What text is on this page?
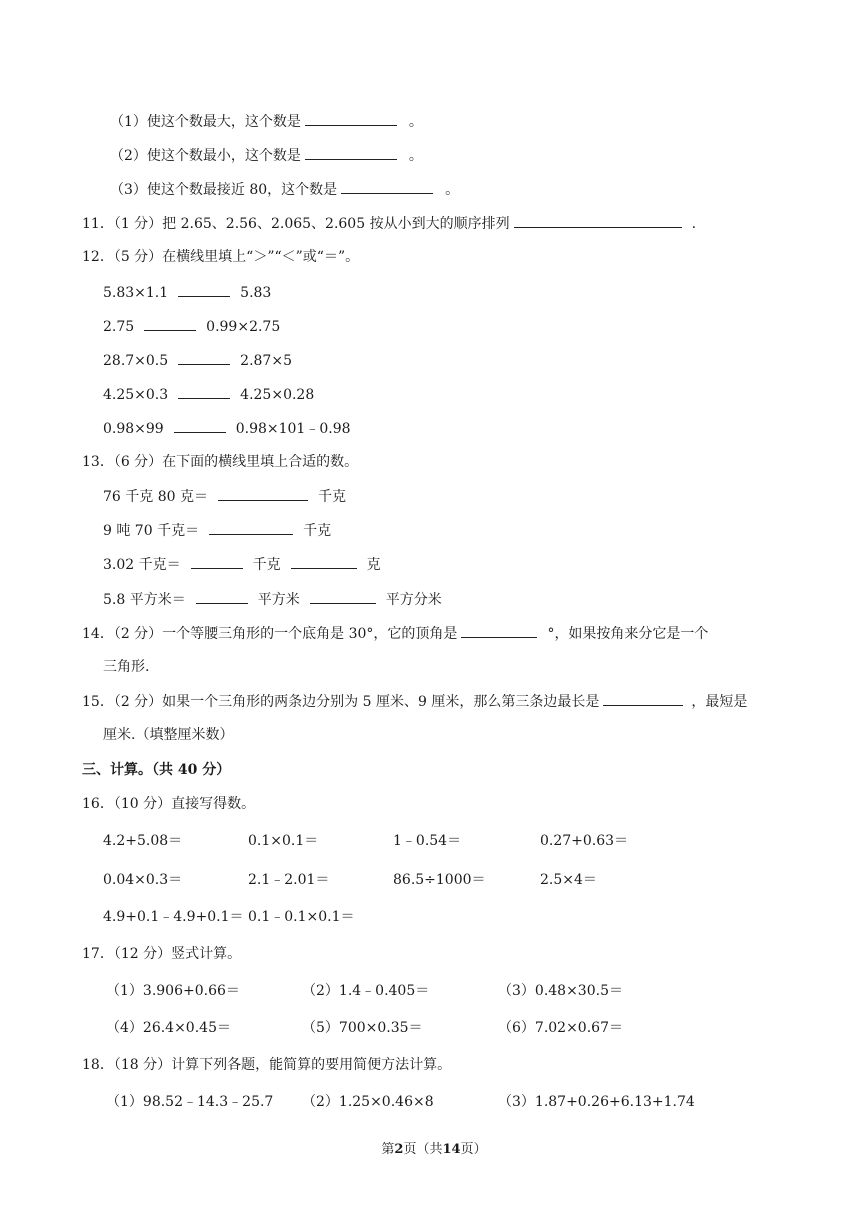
（1）使这个数最大，这个数是	。
（2）使这个数最小，这个数是	。
（3）使这个数最接近 80，这个数是	。
11．（1 分）把 2.65、2.56、2.065、2.605 按从小到大的顺序排列	.
12．（5 分）在横线里填上“＞”“＜”或“＝”。
5.83×1.1	5.83
2.75	0.99×2.75
28.7×0.5	2.87×5
4.25×0.3	4.25×0.28
0.98×99	0.98×101﹣0.98
13．（6 分）在下面的横线里填上合适的数。
76 千克 80 克＝	千克
9 吨 70 千克＝	千克
3.02 千克＝	千克	克
5.8 平方米＝	平方米	平方分米
14．（2 分）一个等腰三角形的一个底角是 30°，它的顶角是	°，如果按角来分它是一个
三角形.
15．（2 分）如果一个三角形的两条边分别为 5 厘米、9 厘米，那么第三条边最长是	，最短是
厘米.（填整厘米数）
三、计算。（共 40 分）
16．（10 分）直接写得数。
4.2+5.08＝	0.1×0.1＝	1﹣0.54＝	0.27+0.63＝
0.04×0.3＝	2.1﹣2.01＝	86.5÷1000＝	2.5×4＝
4.9+0.1﹣4.9+0.1＝ 0.1﹣0.1×0.1＝
17．（12 分）竖式计算。
（1）3.906+0.66＝	（2）1.4﹣0.405＝	（3）0.48×30.5＝
（4）26.4×0.45＝	（5）700×0.35＝	（6）7.02×0.67＝
18．（18 分）计算下列各题，能简算的要用简便方法计算。
（1）98.52﹣14.3﹣25.7 （2）1.25×0.46×8	（3）1.87+0.26+6.13+1.74
第2页（共14页）
